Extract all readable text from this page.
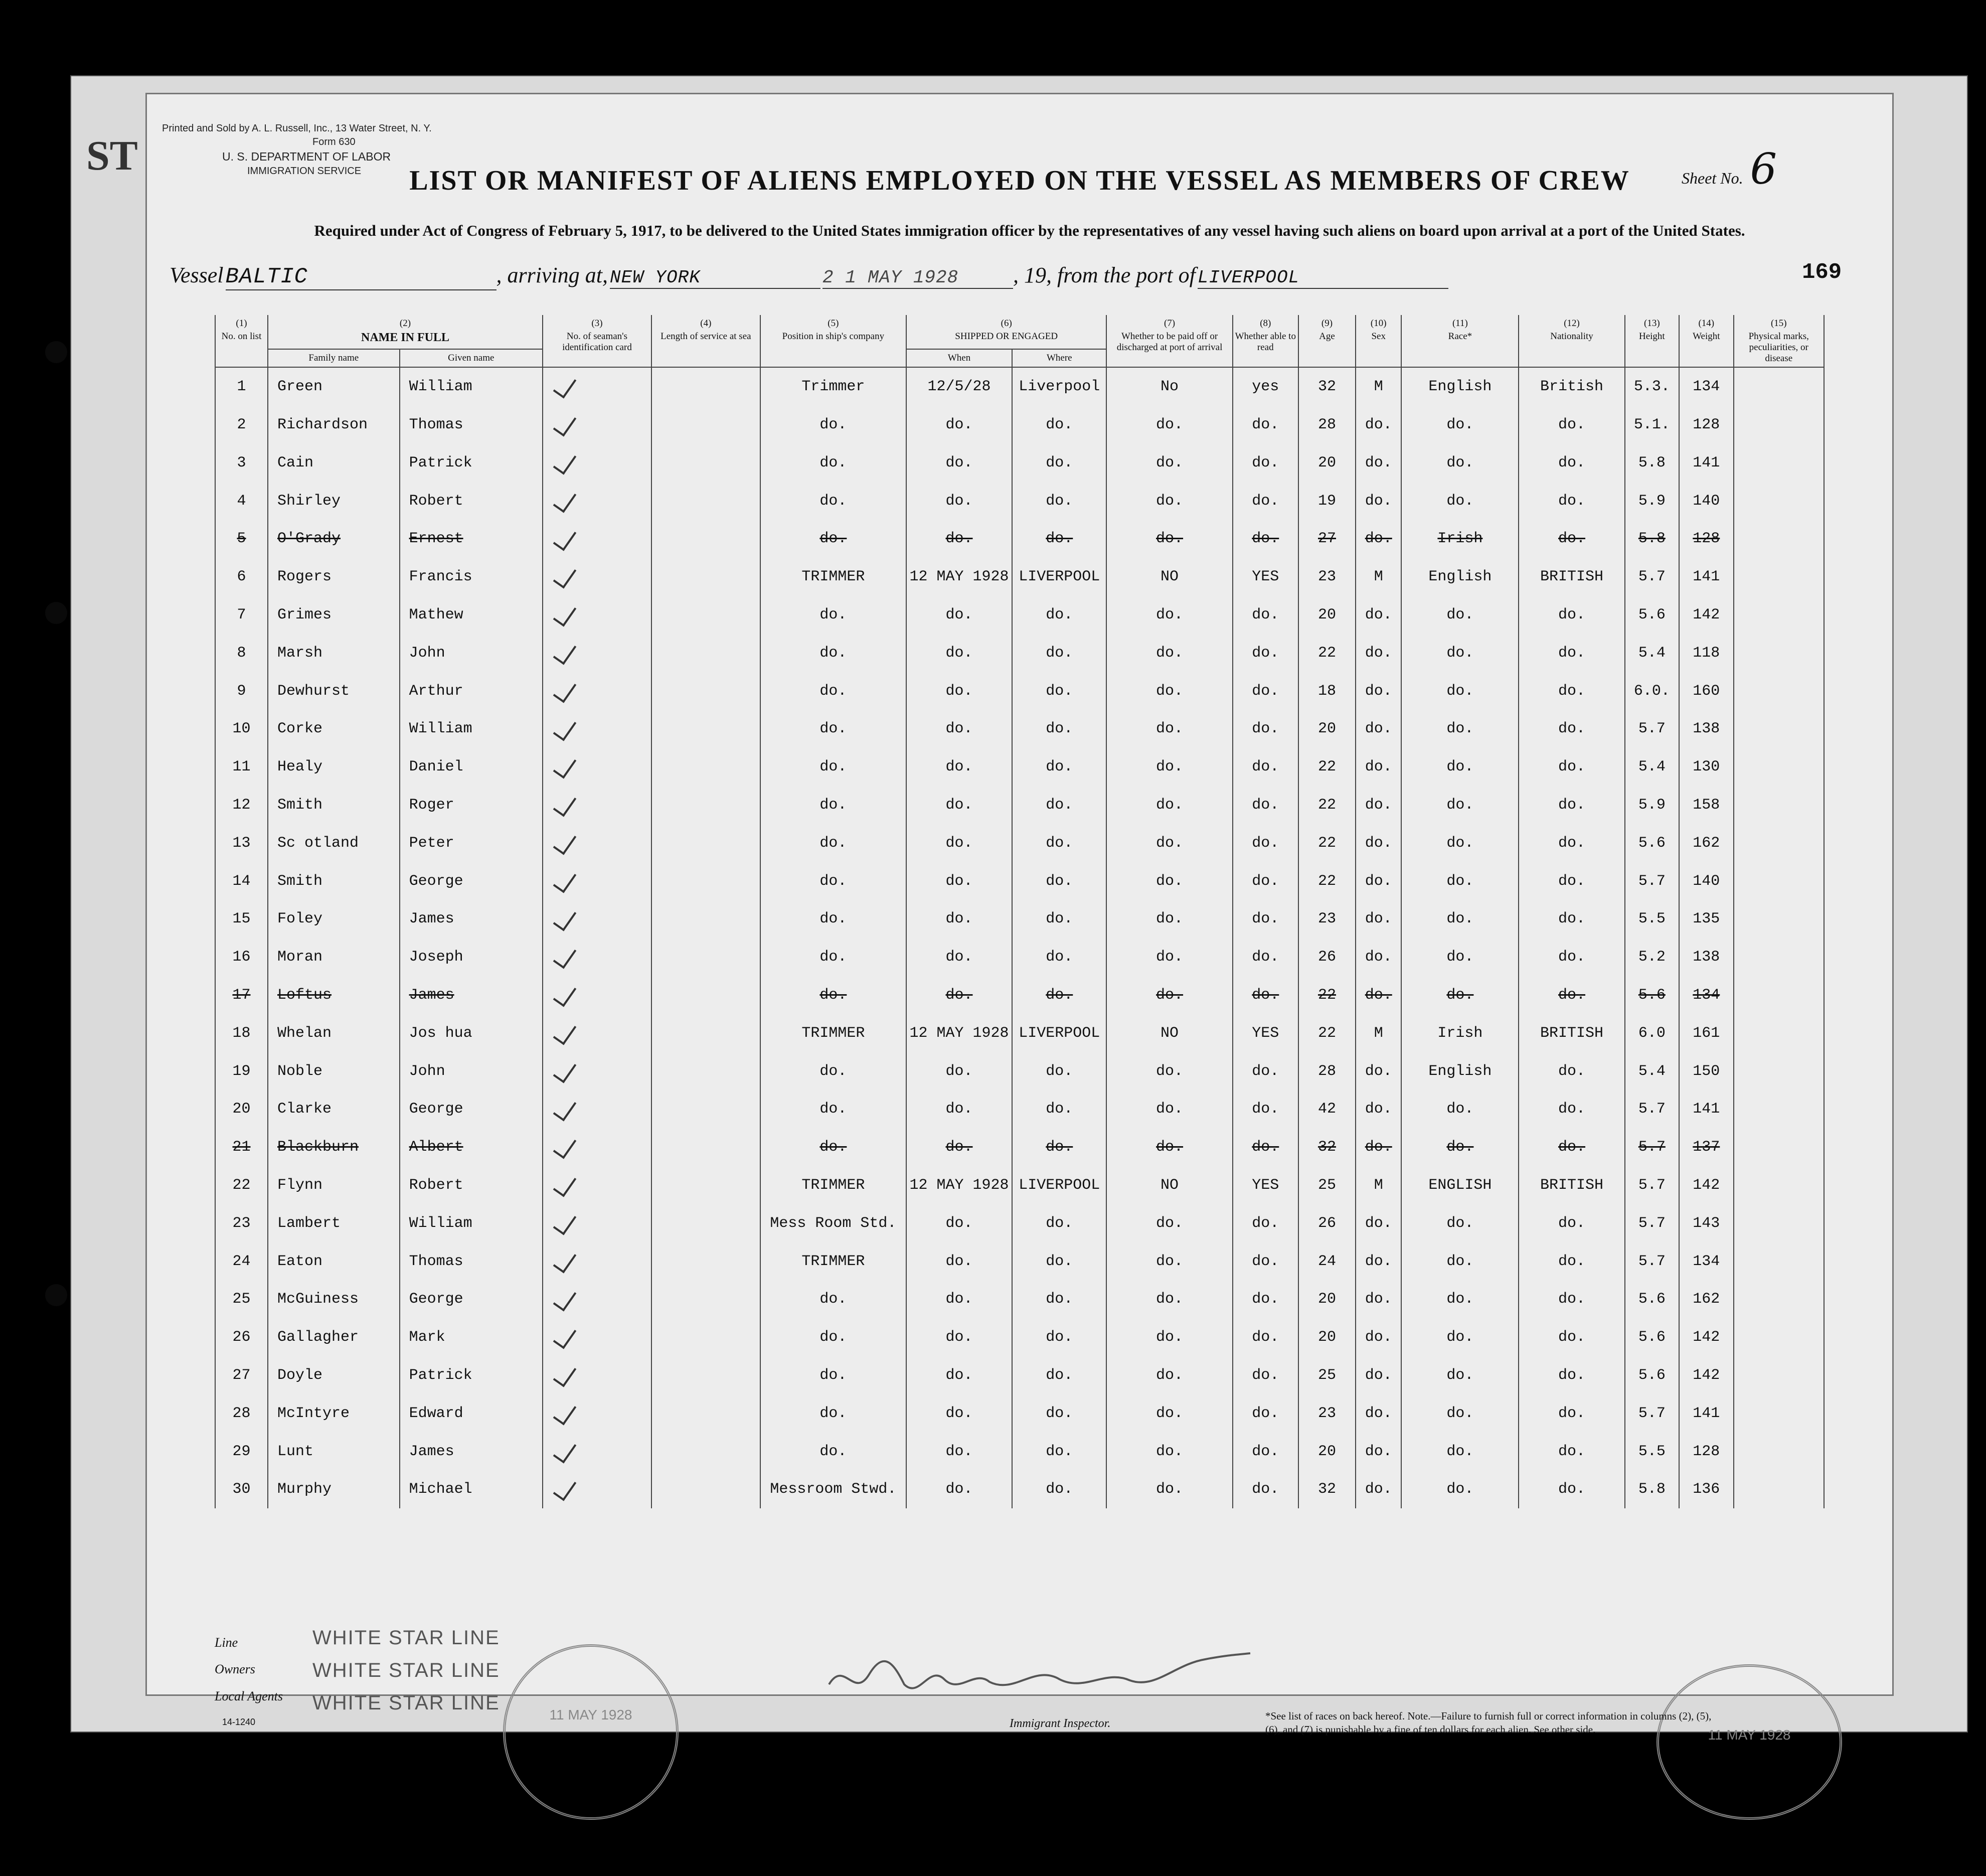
ST
Printed and Sold by A. L. Russell, Inc., 13 Water Street, N. Y.
Form 630
U. S. DEPARTMENT OF LABOR
IMMIGRATION SERVICE	Sheet No. 6
LIST OR MANIFEST OF ALIENS EMPLOYED ON THE VESSEL AS MEMBERS OF CREW
Required under Act of Congress of February 5, 1917, to be delivered to the United States immigration officer by the representatives of any vessel having such aliens on board upon arrival at a port of the United States.
Vessel BALTIC	, arriving at, NEW YORK	2 1 MAY 1928 , 19, from the port of LIVERPOOL	169
(1)
No. on list	(2)
NAME IN FULL		(3)
No. of seaman's identification card	(4)
Length of service at sea	(5)
Position in ship's company	(6)
SHIPPED OR ENGAGED		(7)
Whether to be paid off or discharged at port of arrival	(8)
Whether able to read	(9)
Age	(10)
Sex	(11)
Race*	(12)
Nationality	(13)
Height	(14)
Weight	(15)
Physical marks, peculiarities, or disease
	Family name	Given name				When	Where									
1	Green	William			Trimmer	12/5/28	Liverpool	No	yes	32	M	English	British	5.3.	134	
2	Richardson	Thomas			do.	do.	do.	do.	do.	28	do.	do.	do.	5.1.	128	
3	Cain	Patrick			do.	do.	do.	do.	do.	20	do.	do.	do.	5.8	141	
4	Shirley	Robert			do.	do.	do.	do.	do.	19	do.	do.	do.	5.9	140	
5	O'Grady	Ernest			do.	do.	do.	do.	do.	27	do.	Irish	do.	5.8	128	
6	Rogers	Francis			TRIMMER	12 MAY 1928	LIVERPOOL	NO	YES	23	M	English	BRITISH	5.7	141	
7	Grimes	Mathew			do.	do.	do.	do.	do.	20	do.	do.	do.	5.6	142	
8	Marsh	John			do.	do.	do.	do.	do.	22	do.	do.	do.	5.4	118	
9	Dewhurst	Arthur			do.	do.	do.	do.	do.	18	do.	do.	do.	6.0.	160	
10	Corke	William			do.	do.	do.	do.	do.	20	do.	do.	do.	5.7	138	
11	Healy	Daniel			do.	do.	do.	do.	do.	22	do.	do.	do.	5.4	130	
12	Smith	Roger			do.	do.	do.	do.	do.	22	do.	do.	do.	5.9	158	
13	Sc otland	Peter			do.	do.	do.	do.	do.	22	do.	do.	do.	5.6	162	
14	Smith	George			do.	do.	do.	do.	do.	22	do.	do.	do.	5.7	140	
15	Foley	James			do.	do.	do.	do.	do.	23	do.	do.	do.	5.5	135	
16	Moran	Joseph			do.	do.	do.	do.	do.	26	do.	do.	do.	5.2	138	
17	Loftus	James			do.	do.	do.	do.	do.	22	do.	do.	do.	5.6	134	
18	Whelan	Jos hua			TRIMMER	12 MAY 1928	LIVERPOOL	NO	YES	22	M	Irish	BRITISH	6.0	161	
19	Noble	John			do.	do.	do.	do.	do.	28	do.	English	do.	5.4	150	
20	Clarke	George			do.	do.	do.	do.	do.	42	do.	do.	do.	5.7	141	
21	Blackburn	Albert			do.	do.	do.	do.	do.	32	do.	do.	do.	5.7	137	
22	Flynn	Robert			TRIMMER	12 MAY 1928	LIVERPOOL	NO	YES	25	M	ENGLISH	BRITISH	5.7	142	
23	Lambert	William			Mess Room Std.	do.	do.	do.	do.	26	do.	do.	do.	5.7	143	
24	Eaton	Thomas			TRIMMER	do.	do.	do.	do.	24	do.	do.	do.	5.7	134	
25	McGuiness	George			do.	do.	do.	do.	do.	20	do.	do.	do.	5.6	162	
26	Gallagher	Mark			do.	do.	do.	do.	do.	20	do.	do.	do.	5.6	142	
27	Doyle	Patrick			do.	do.	do.	do.	do.	25	do.	do.	do.	5.6	142	
28	McIntyre	Edward			do.	do.	do.	do.	do.	23	do.	do.	do.	5.7	141	
29	Lunt	James			do.	do.	do.	do.	do.	20	do.	do.	do.	5.5	128	
30	Murphy	Michael			Messroom Stwd.	do.	do.	do.	do.	32	do.	do.	do.	5.8	136	
Line
Owners
Local Agents
WHITE STAR LINE
WHITE STAR LINE
WHITE STAR LINE
14-1240	11 MAY 1928
11 MAY 1928
Immigrant Inspector.
*See list of races on back hereof. Note.—Failure to furnish full or correct information in columns (2), (5), (6), and (7) is punishable by a fine of ten dollars for each alien. See other side.
